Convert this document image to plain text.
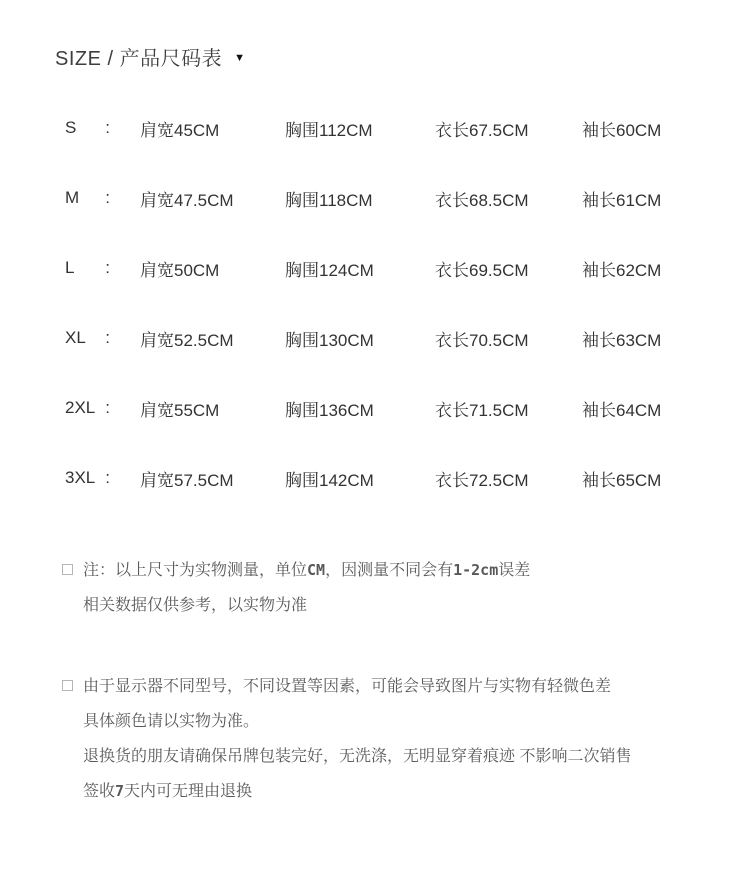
SIZE / 产品尺码表 ▼
S : 肩宽45CM	胸围112CM	衣长67.5CM	袖长60CM
M : 肩宽47.5CM	胸围118CM	衣长68.5CM	袖长61CM
L : 肩宽50CM	胸围124CM	衣长69.5CM	袖长62CM
XL : 肩宽52.5CM	胸围130CM	衣长70.5CM	袖长63CM
2XL : 肩宽55CM	胸围136CM	衣长71.5CM	袖长64CM
3XL : 肩宽57.5CM	胸围142CM	衣长72.5CM	袖长65CM
注：以上尺寸为实物测量，单位CM，因测量不同会有1-2cm误差
相关数据仅供参考，以实物为准
由于显示器不同型号，不同设置等因素，可能会导致图片与实物有轻微色差
具体颜色请以实物为准。
退换货的朋友请确保吊牌包装完好，无洗涤，无明显穿着痕迹 不影响二次销售
签收7天内可无理由退换
